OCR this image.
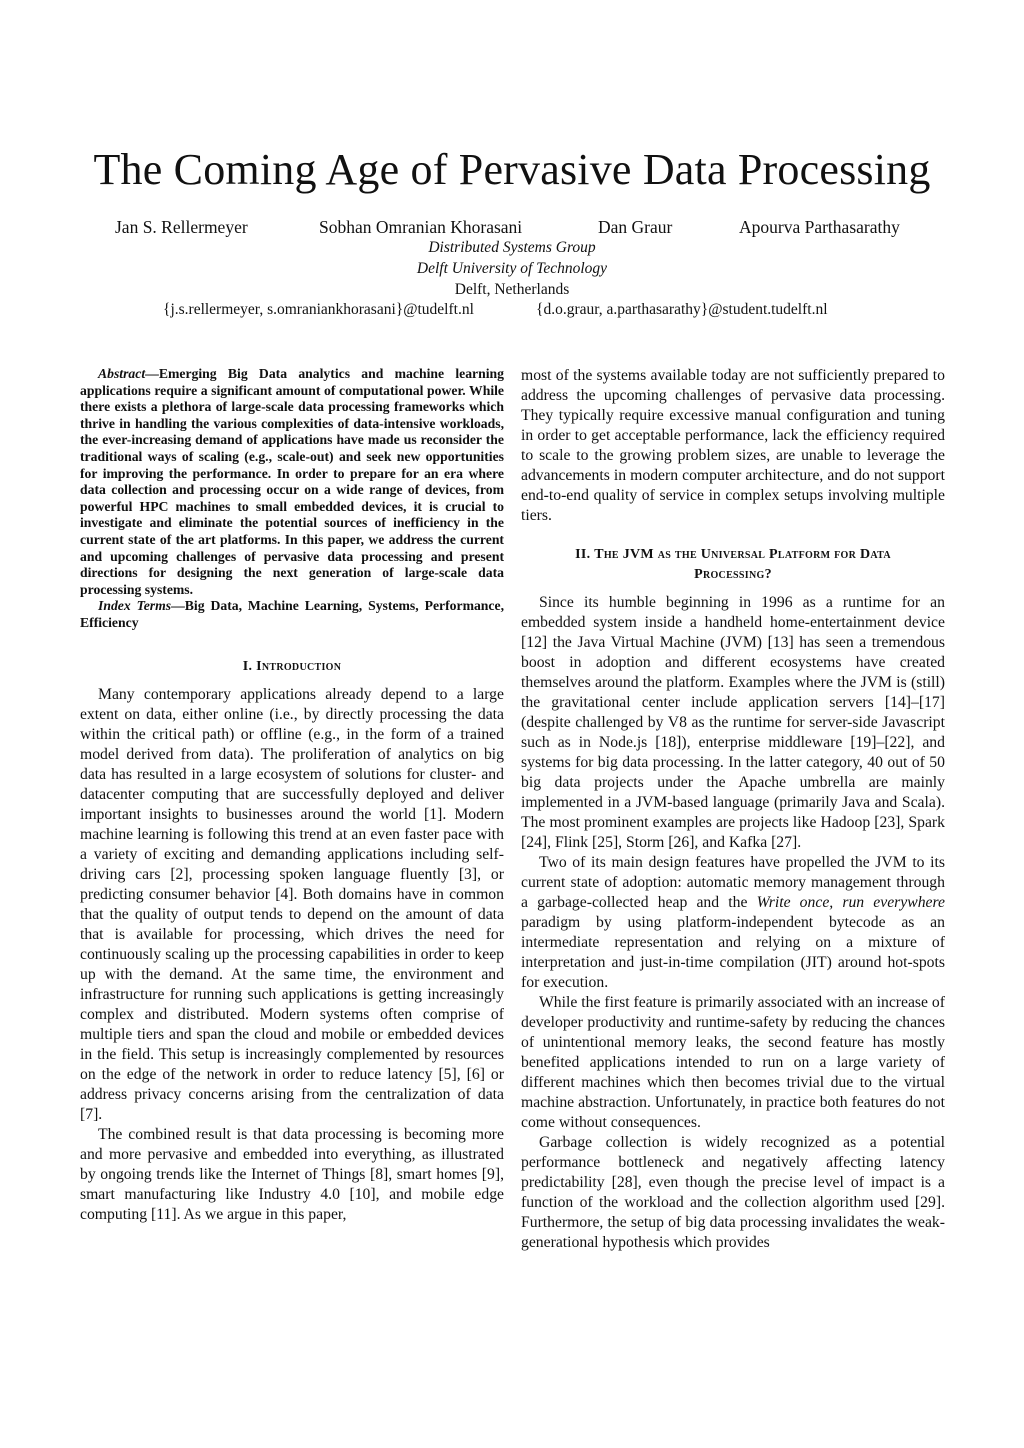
The Coming Age of Pervasive Data Processing
Jan S. Rellermeyer	Sobhan Omranian Khorasani	Dan Graur	Apourva Parthasarathy
Distributed Systems Group
Delft University of Technology
Delft, Netherlands
{j.s.rellermeyer, s.omraniankhorasani}@tudelft.nl	{d.o.graur, a.parthasarathy}@student.tudelft.nl

Abstract—Emerging Big Data analytics and machine learning applications require a significant amount of computational power. While there exists a plethora of large-scale data processing frameworks which thrive in handling the various complexities of data-intensive workloads, the ever-increasing demand of applications have made us reconsider the traditional ways of scaling (e.g., scale-out) and seek new opportunities for improving the performance. In order to prepare for an era where data collection and processing occur on a wide range of devices, from powerful HPC machines to small embedded devices, it is crucial to investigate and eliminate the potential sources of inefficiency in the current state of the art platforms. In this paper, we address the current and upcoming challenges of pervasive data processing and present directions for designing the next generation of large-scale data processing systems.

Index Terms—Big Data, Machine Learning, Systems, Performance, Efficiency

I. Introduction

Many contemporary applications already depend to a large extent on data, either online (i.e., by directly processing the data within the critical path) or offline (e.g., in the form of a trained model derived from data). The proliferation of analytics on big data has resulted in a large ecosystem of solutions for cluster- and datacenter computing that are successfully deployed and deliver important insights to businesses around the world [1]. Modern machine learning is following this trend at an even faster pace with a variety of exciting and demanding applications including self-driving cars [2], processing spoken language fluently [3], or predicting consumer behavior [4]. Both domains have in common that the quality of output tends to depend on the amount of data that is available for processing, which drives the need for continuously scaling up the processing capabilities in order to keep up with the demand. At the same time, the environment and infrastructure for running such applications is getting increasingly complex and distributed. Modern systems often comprise of multiple tiers and span the cloud and mobile or embedded devices in the field. This setup is increasingly complemented by resources on the edge of the network in order to reduce latency [5], [6] or address privacy concerns arising from the centralization of data [7].

The combined result is that data processing is becoming more and more pervasive and embedded into everything, as illustrated by ongoing trends like the Internet of Things [8], smart homes [9], smart manufacturing like Industry 4.0 [10], and mobile edge computing [11]. As we argue in this paper,

most of the systems available today are not sufficiently prepared to address the upcoming challenges of pervasive data processing. They typically require excessive manual configuration and tuning in order to get acceptable performance, lack the efficiency required to scale to the growing problem sizes, are unable to leverage the advancements in modern computer architecture, and do not support end-to-end quality of service in complex setups involving multiple tiers.

II. The JVM as the Universal Platform for Data
Processing?

Since its humble beginning in 1996 as a runtime for an embedded system inside a handheld home-entertainment device [12] the Java Virtual Machine (JVM) [13] has seen a tremendous boost in adoption and different ecosystems have created themselves around the platform. Examples where the JVM is (still) the gravitational center include application servers [14]–[17] (despite challenged by V8 as the runtime for server-side Javascript such as in Node.js [18]), enterprise middleware [19]–[22], and systems for big data processing. In the latter category, 40 out of 50 big data projects under the Apache umbrella are mainly implemented in a JVM-based language (primarily Java and Scala). The most prominent examples are projects like Hadoop [23], Spark [24], Flink [25], Storm [26], and Kafka [27].

Two of its main design features have propelled the JVM to its current state of adoption: automatic memory management through a garbage-collected heap and the Write once, run everywhere paradigm by using platform-independent bytecode as an intermediate representation and relying on a mixture of interpretation and just-in-time compilation (JIT) around hot-spots for execution.

While the first feature is primarily associated with an increase of developer productivity and runtime-safety by reducing the chances of unintentional memory leaks, the second feature has mostly benefited applications intended to run on a large variety of different machines which then becomes trivial due to the virtual machine abstraction. Unfortunately, in practice both features do not come without consequences.

Garbage collection is widely recognized as a potential performance bottleneck and negatively affecting latency predictability [28], even though the precise level of impact is a function of the workload and the collection algorithm used [29]. Furthermore, the setup of big data processing invalidates the weak-generational hypothesis which provides
